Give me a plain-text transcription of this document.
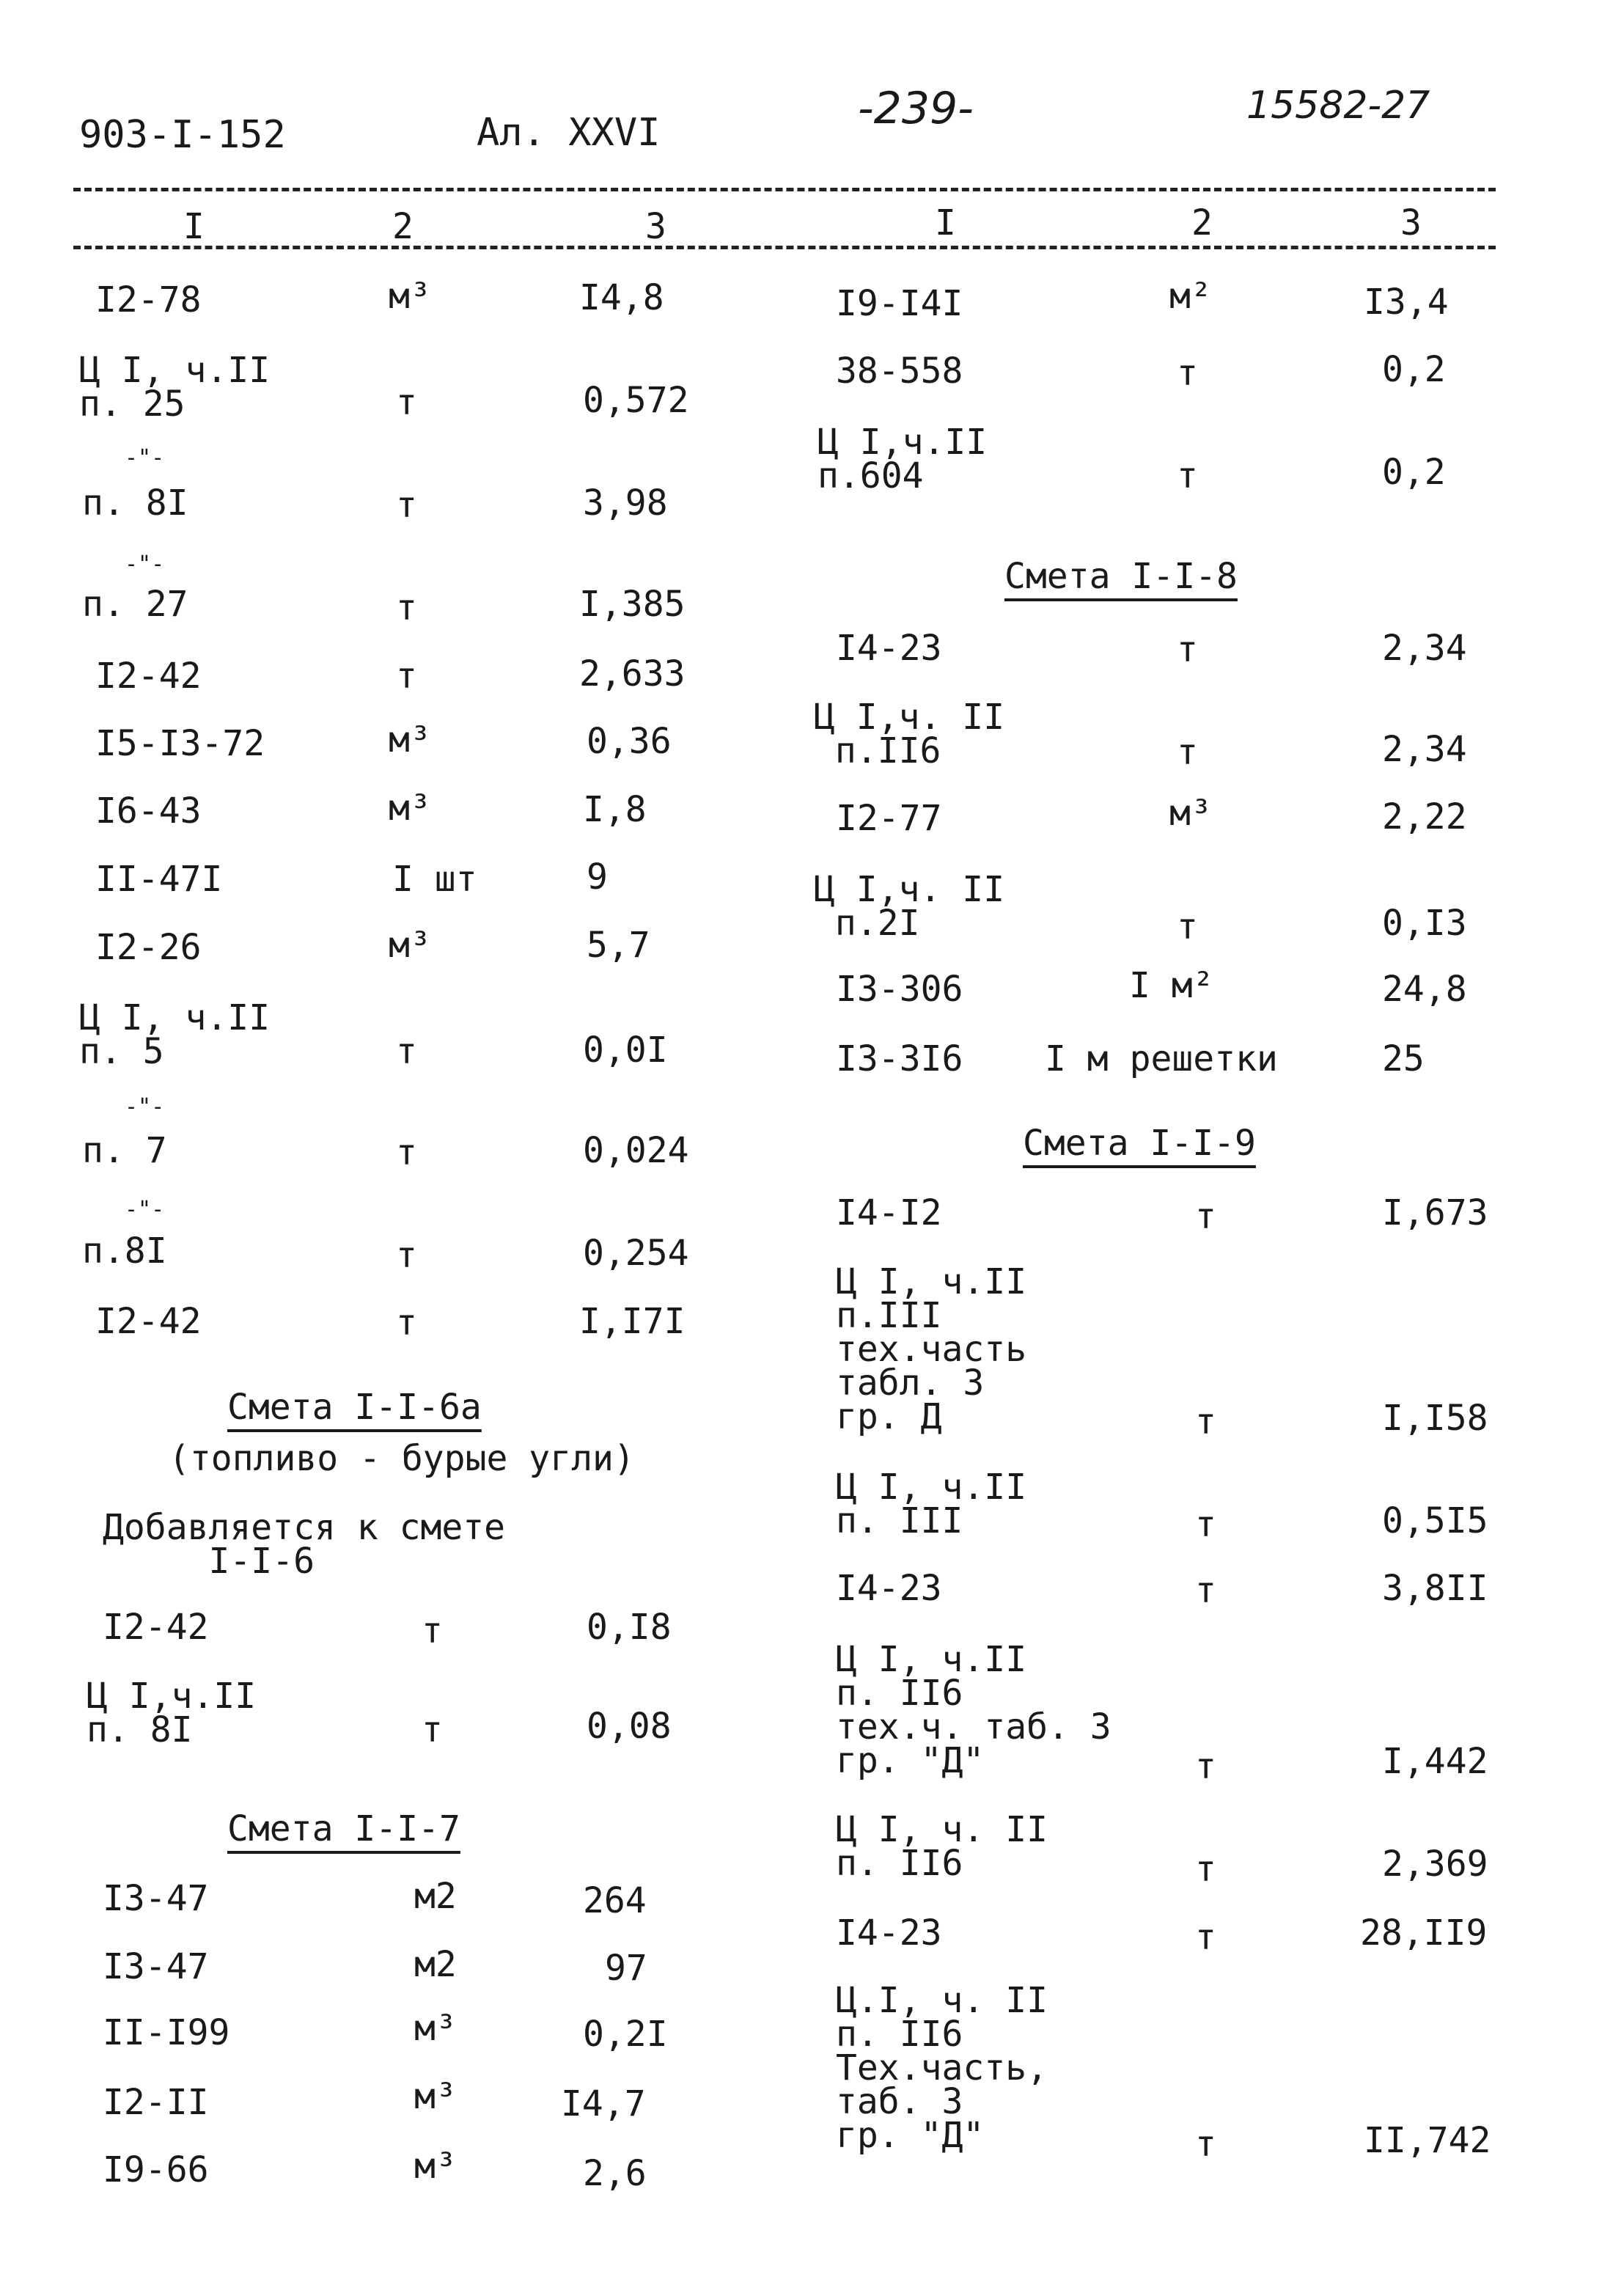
903-I-152	Ал. XXVI	-239-	15582-27
I	2	3	I	2	3
I2-78	м³	I4,8
Ц I, ч.II
п. 25	т	0,572
-"-
п. 8I	т	3,98
-"-
п. 27	т	I,385
I2-42	т	2,633
I5-I3-72	м³	0,36
I6-43	м³	I,8
II-47I	I шт	9
I2-26	м³	5,7
Ц I, ч.II
п. 5	т	0,0I
-"-
п. 7	т	0,024
-"-
п.8I	т	0,254
I2-42	т	I,I7I
Смета I-I-6а
(топливо - бурые угли)
Добавляется к смете
I-I-6
I2-42	т	0,I8
Ц I,ч.II
п. 8I	т	0,08
Смета I-I-7
I3-47	м2	264
I3-47	м2	97
II-I99	м³	0,2I
I2-II	м³	I4,7
I9-66	м³	2,6
I9-I4I	м²	I3,4
38-558	т	0,2
Ц I,ч.II
п.604	т	0,2
Смета I-I-8
I4-23	т	2,34
Ц I,ч. II
п.II6	т	2,34
I2-77	м³	2,22
Ц I,ч. II
п.2I	т	0,I3
I3-306	I м²	24,8
I3-3I6 I м решетки	25
Смета I-I-9
I4-I2	т	I,673
Ц I, ч.II
п.III
тех.часть
табл. 3
гр. Д	т	I,I58
Ц I, ч.II
п. III	т	0,5I5
I4-23	т	3,8II
Ц I, ч.II
п. II6
тех.ч. таб. 3
гр. "Д"	т	I,442
Ц I, ч. II
п. II6	т	2,369
I4-23	т	28,II9
Ц.I, ч. II
п. II6
Тех.часть,
таб. 3
гр. "Д"	т	II,742
